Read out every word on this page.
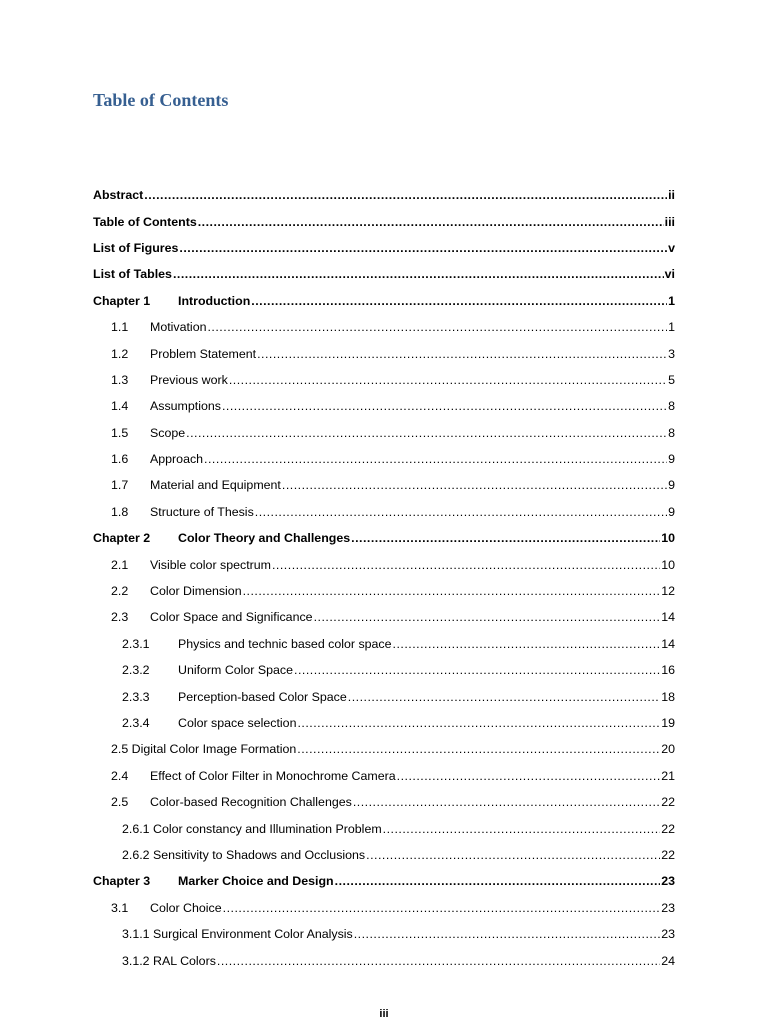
Table of Contents
Abstract .....	ii
Table of Contents .....	iii
List of Figures .....	v
List of Tables .....	vi
Chapter 1	Introduction .....	1
1.1	Motivation .....	1
1.2	Problem Statement .....	3
1.3	Previous work .....	5
1.4	Assumptions .....	8
1.5	Scope .....	8
1.6	Approach .....	9
1.7	Material and Equipment .....	9
1.8	Structure of Thesis .....	9
Chapter 2	Color Theory and Challenges .....	10
2.1	Visible color spectrum .....	10
2.2	Color Dimension .....	12
2.3	Color Space and Significance .....	14
2.3.1	Physics and technic based color space .....	14
2.3.2	Uniform Color Space .....	16
2.3.3	Perception-based Color Space .....	18
2.3.4	Color space selection .....	19
2.5 Digital Color Image Formation .....	20
2.4	Effect of Color Filter in Monochrome Camera .....	21
2.5	Color-based Recognition Challenges .....	22
2.6.1 Color constancy and Illumination Problem .....	22
2.6.2 Sensitivity to Shadows and Occlusions .....	22
Chapter 3	Marker Choice and Design .....	23
3.1	Color Choice .....	23
3.1.1 Surgical Environment Color Analysis .....	23
3.1.2 RAL Colors .....	24
iii
